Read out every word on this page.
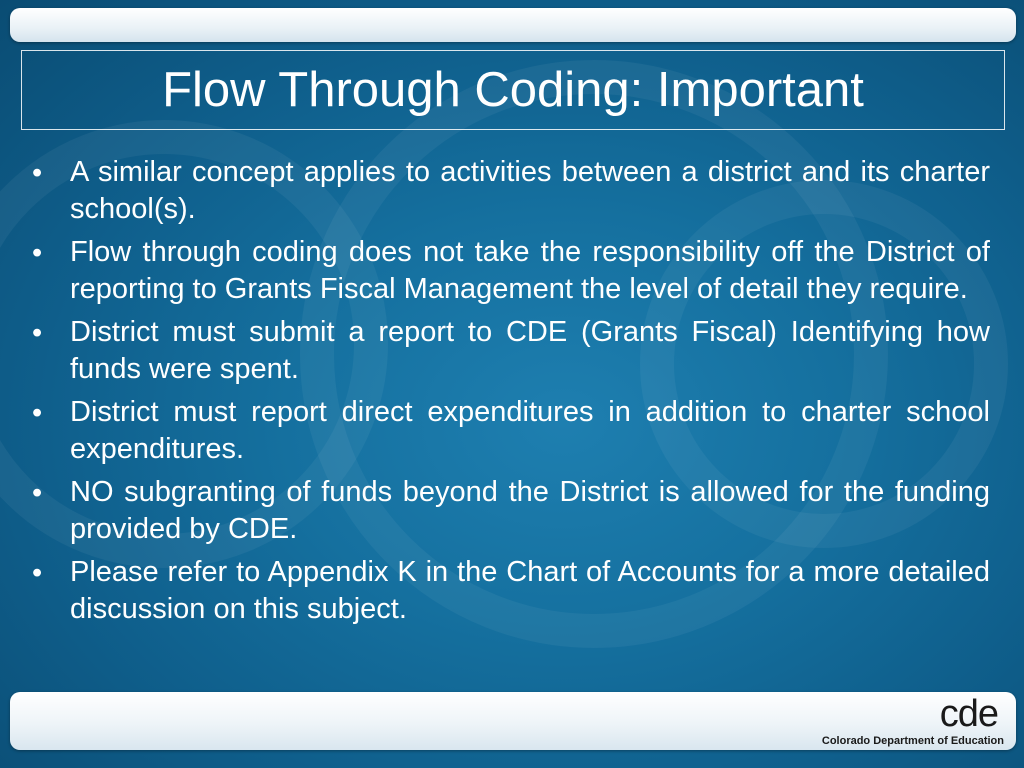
Flow Through Coding: Important
• A similar concept applies to activities between a district and its charter school(s).
• Flow through coding does not take the responsibility off the District of reporting to Grants Fiscal Management the level of detail they require.
• District must submit a report to CDE (Grants Fiscal) Identifying how funds were spent.
• District must report direct expenditures in addition to charter school expenditures.
• NO subgranting of funds beyond the District is allowed for the funding provided by CDE.
• Please refer to Appendix K in the Chart of Accounts for a more detailed discussion on this subject.
cde
Colorado Department of Education
